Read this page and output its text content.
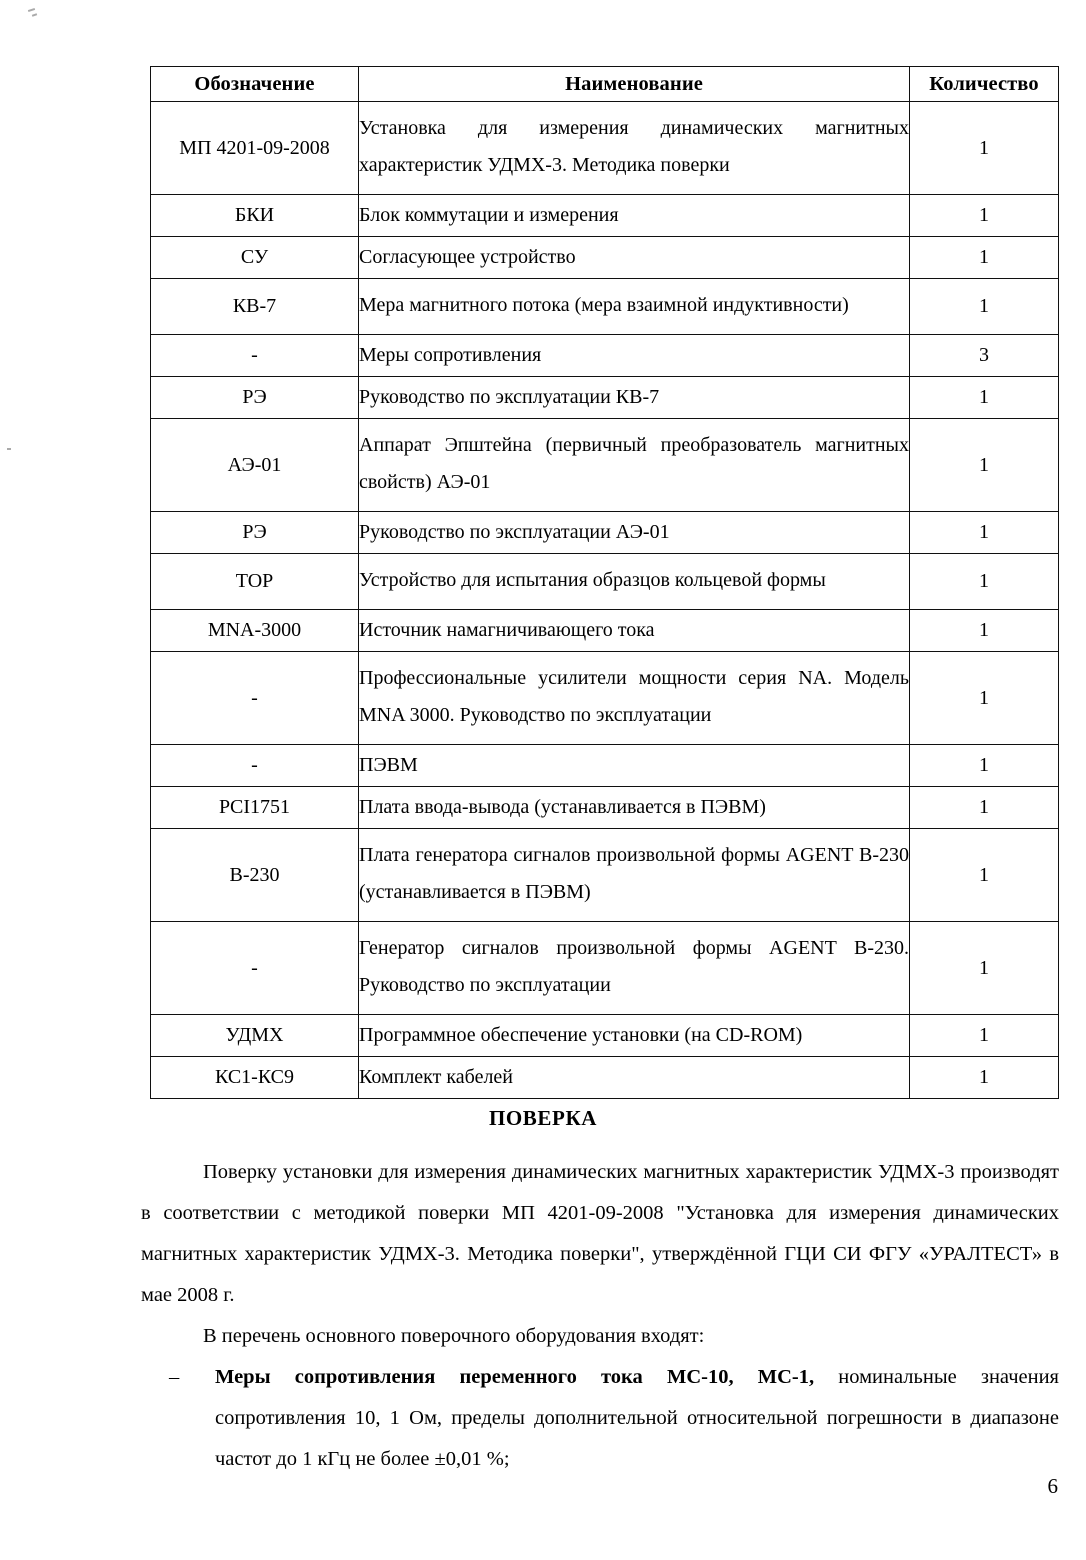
Обозначение	Наименование	Количество
МП 4201-09-2008	Установка для измерения динамических магнитных характеристик УДМХ-3. Методика поверки	1
БКИ	Блок коммутации и измерения	1
СУ	Согласующее устройство	1
КВ-7	Мера магнитного потока (мера взаимной индуктивности)	1
-	Меры сопротивления	3
РЭ	Руководство по эксплуатации КВ-7	1
АЭ-01	Аппарат Эпштейна (первичный преобразователь магнитных свойств) АЭ-01	1
РЭ	Руководство по эксплуатации АЭ-01	1
ТОР	Устройство для испытания образцов кольцевой формы	1
MNA-3000	Источник намагничивающего тока	1
-	Профессиональные усилители мощности серия NA. Модель MNA 3000. Руководство по эксплуатации	1
-	ПЭВМ	1
PCI1751	Плата ввода-вывода (устанавливается в ПЭВМ)	1
B-230	Плата генератора сигналов произвольной формы AGENT B-230 (устанавливается в ПЭВМ)	1
-	Генератор сигналов произвольной формы AGENT B-230. Руководство по эксплуатации	1
УДМХ	Программное обеспечение установки (на CD-ROM)	1
КС1-КС9	Комплект кабелей	1
ПОВЕРКА

Поверку установки для измерения динамических магнитных характеристик УДМХ-3 производят в соответствии с методикой поверки МП 4201-09-2008 "Установка для измерения динамических магнитных характеристик УДМХ-3. Методика поверки", утверждённой ГЦИ СИ ФГУ «УРАЛТЕСТ» в мае 2008 г.

В перечень основного поверочного оборудования входят:

– Меры сопротивления переменного тока МС-10, МС-1, номинальные значения сопротивления 10, 1 Ом, пределы дополнительной относительной погрешности в диапазоне частот до 1 кГц не более ±0,01 %;
6
